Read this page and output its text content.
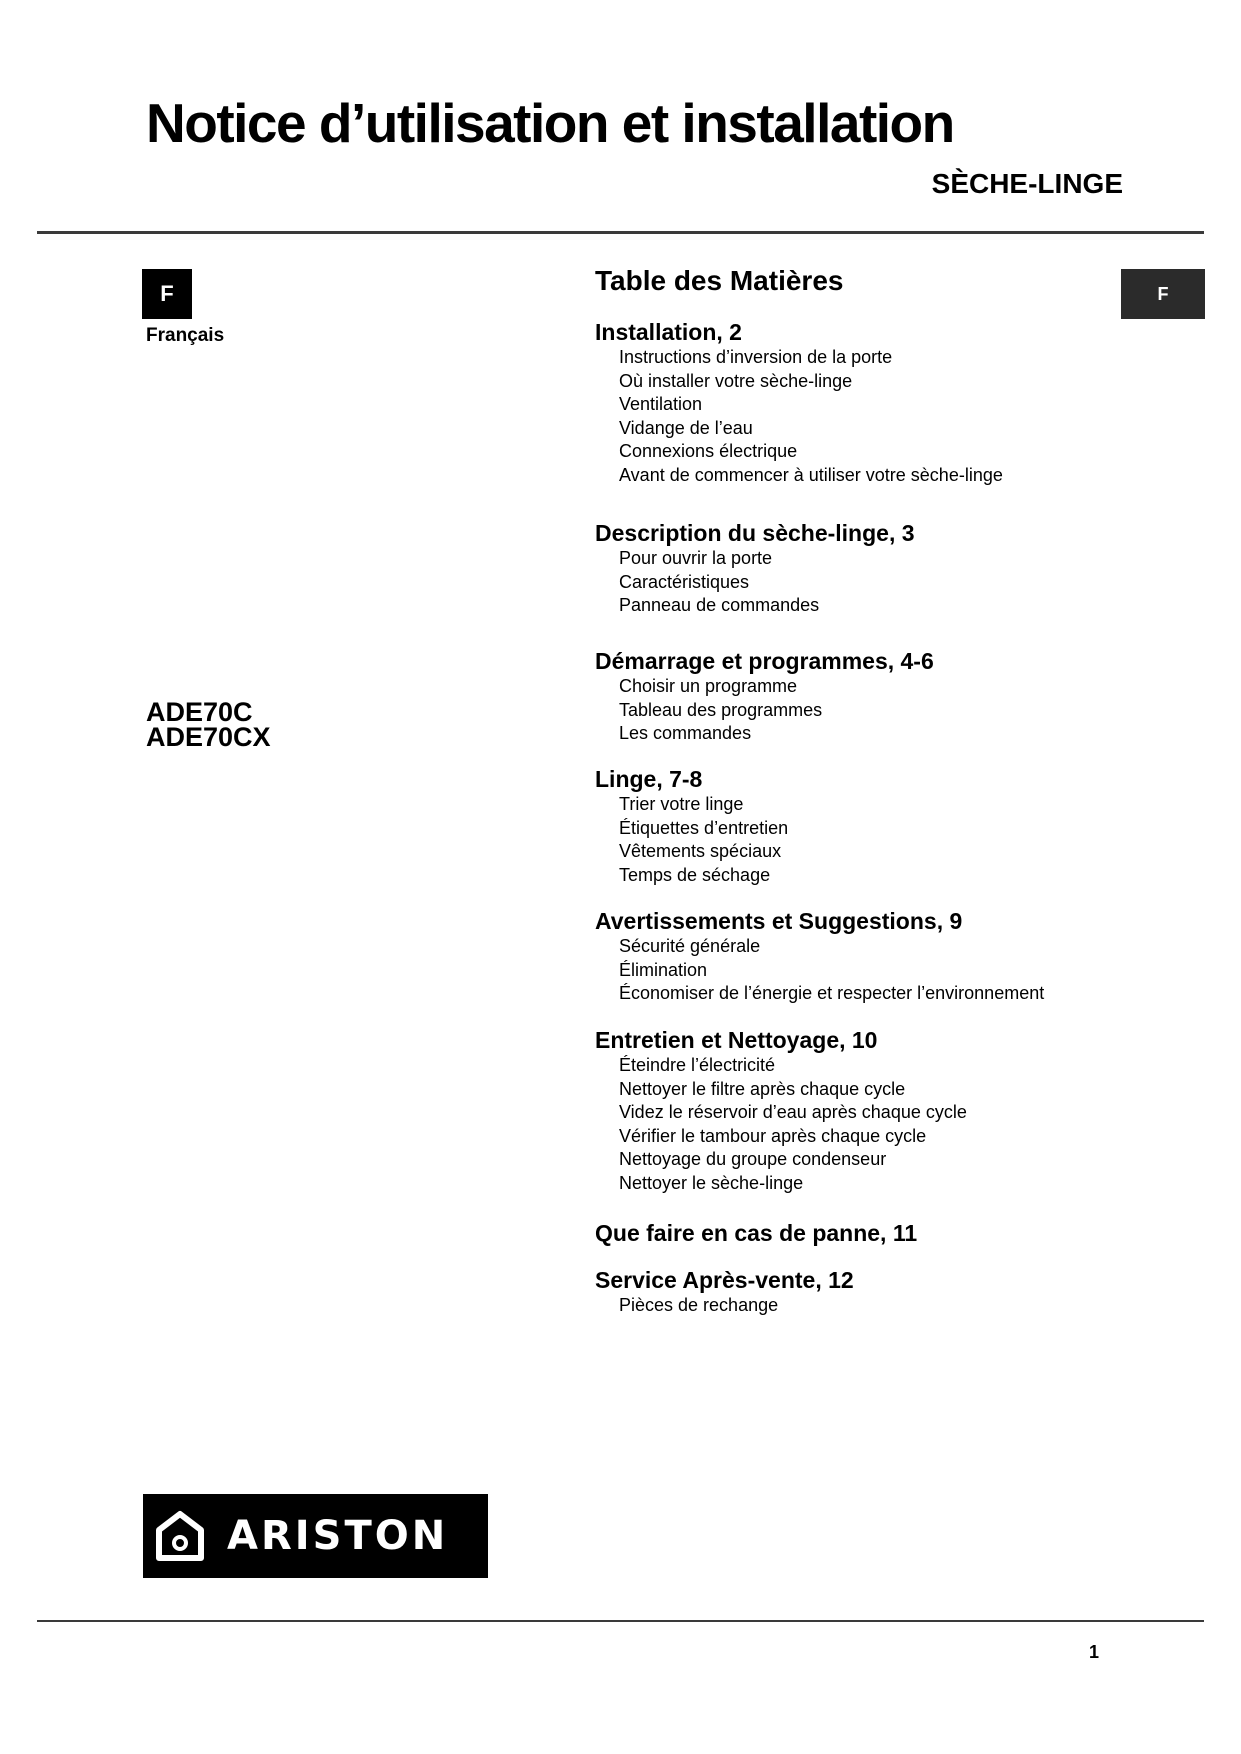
Notice d’utilisation et installation
SÈCHE-LINGE
F
Français
F
ADE70C
ADE70CX
Table des Matières
Installation, 2
Instructions d’inversion de la porte
Où installer votre sèche-linge
Ventilation
Vidange de l’eau
Connexions électrique
Avant de commencer à utiliser votre sèche-linge
Description du sèche-linge, 3
Pour ouvrir la porte
Caractéristiques
Panneau de commandes
Démarrage et programmes, 4-6
Choisir un programme
Tableau des programmes
Les commandes
Linge, 7-8
Trier votre linge
Étiquettes d’entretien
Vêtements spéciaux
Temps de séchage
Avertissements et Suggestions, 9
Sécurité générale
Élimination
Économiser de l’énergie et respecter l’environnement
Entretien et Nettoyage, 10
Éteindre l’électricité
Nettoyer le filtre après chaque cycle
Videz le réservoir d’eau après chaque cycle
Vérifier le tambour après chaque cycle
Nettoyage du groupe condenseur
Nettoyer le sèche-linge
Que faire en cas de panne, 11
Service Après-vente, 12
Pièces de rechange
ARISTON
1
